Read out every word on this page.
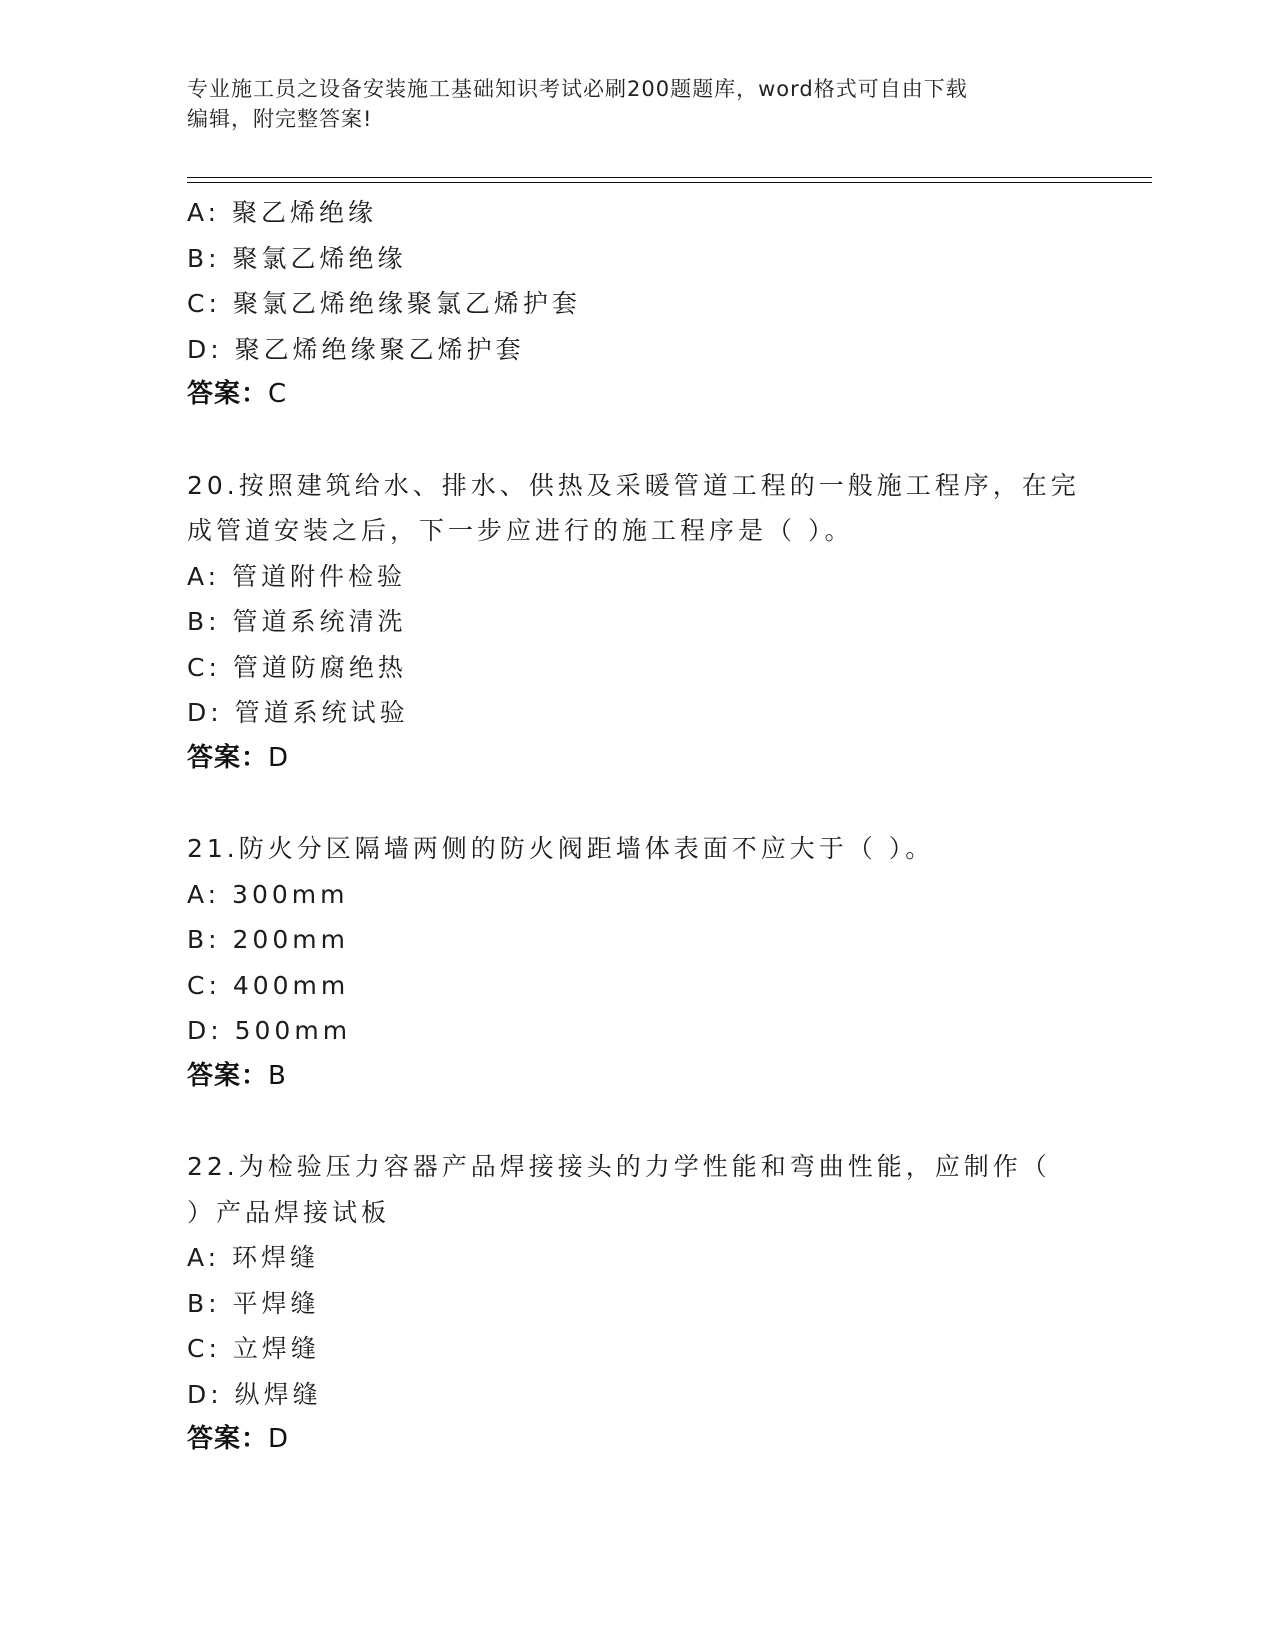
专业施工员之设备安装施工基础知识考试必刷200题题库，word格式可自由下载
编辑，附完整答案!
A: 聚乙烯绝缘
B: 聚氯乙烯绝缘
C: 聚氯乙烯绝缘聚氯乙烯护套
D: 聚乙烯绝缘聚乙烯护套
答案：C
20.按照建筑给水、排水、供热及采暖管道工程的一般施工程序，在完
成管道安装之后，下一步应进行的施工程序是（ ）。
A: 管道附件检验
B: 管道系统清洗
C: 管道防腐绝热
D: 管道系统试验
答案：D
21.防火分区隔墙两侧的防火阀距墙体表面不应大于（ ）。
A: 300mm
B: 200mm
C: 400mm
D: 500mm
答案：B
22.为检验压力容器产品焊接接头的力学性能和弯曲性能，应制作（
）产品焊接试板
A: 环焊缝
B: 平焊缝
C: 立焊缝
D: 纵焊缝
答案：D
